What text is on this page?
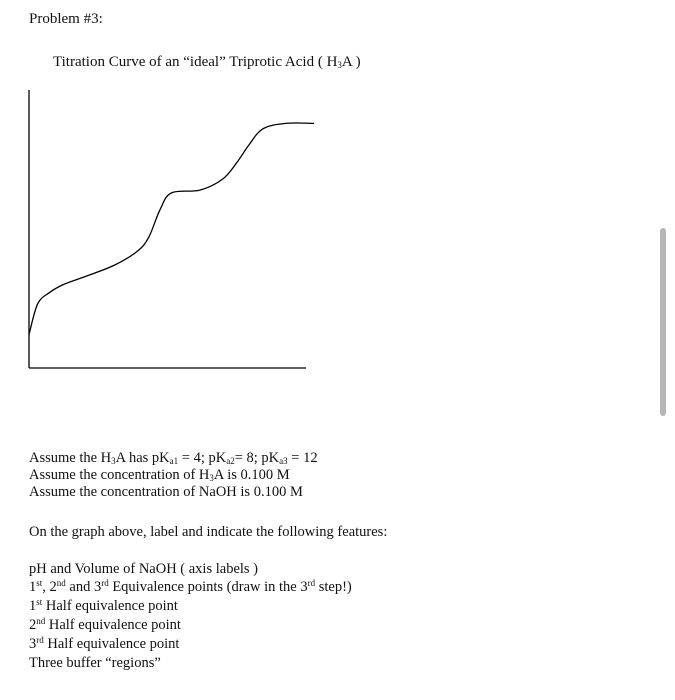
Problem #3:
Titration Curve of an “ideal” Triprotic Acid ( $H_3A$ )
Assume the $H_3A$ has $pK_{a1} = 4$; $pK_{a2}= 8$; $pK_{a3} = 12$
Assume the concentration of $H_3A$ is 0.100 M
Assume the concentration of NaOH is 0.100 M
On the graph above, label and indicate the following features:
pH and Volume of NaOH ( axis labels )
1st, 2nd and 3rd Equivalence points (draw in the 3rd step!)
1st Half equivalence point
2nd Half equivalence point
3rd Half equivalence point
Three buffer “regions”
